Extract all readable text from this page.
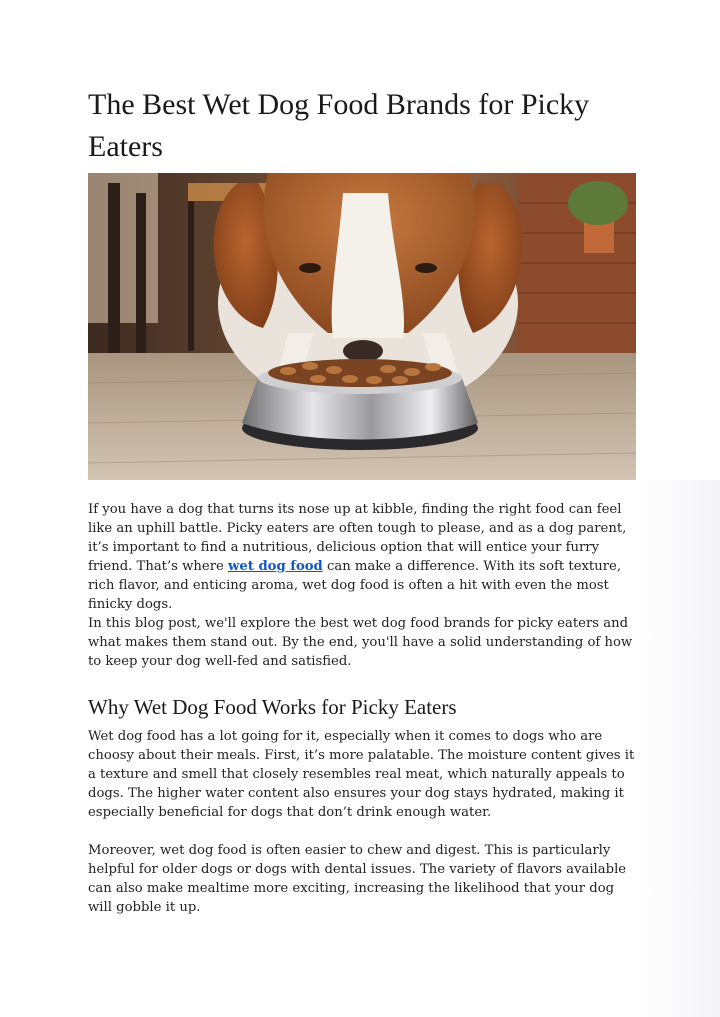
The Best Wet Dog Food Brands for Picky Eaters

If you have a dog that turns its nose up at kibble, finding the right food can feel like an uphill battle. Picky eaters are often tough to please, and as a dog parent, it’s important to find a nutritious, delicious option that will entice your furry friend. That’s where wet dog food can make a difference. With its soft texture, rich flavor, and enticing aroma, wet dog food is often a hit with even the most finicky dogs.

In this blog post, we'll explore the best wet dog food brands for picky eaters and what makes them stand out. By the end, you'll have a solid understanding of how to keep your dog well-fed and satisfied.

Why Wet Dog Food Works for Picky Eaters

Wet dog food has a lot going for it, especially when it comes to dogs who are choosy about their meals. First, it’s more palatable. The moisture content gives it a texture and smell that closely resembles real meat, which naturally appeals to dogs. The higher water content also ensures your dog stays hydrated, making it especially beneficial for dogs that don’t drink enough water.

Moreover, wet dog food is often easier to chew and digest. This is particularly helpful for older dogs or dogs with dental issues. The variety of flavors available can also make mealtime more exciting, increasing the likelihood that your dog will gobble it up.
